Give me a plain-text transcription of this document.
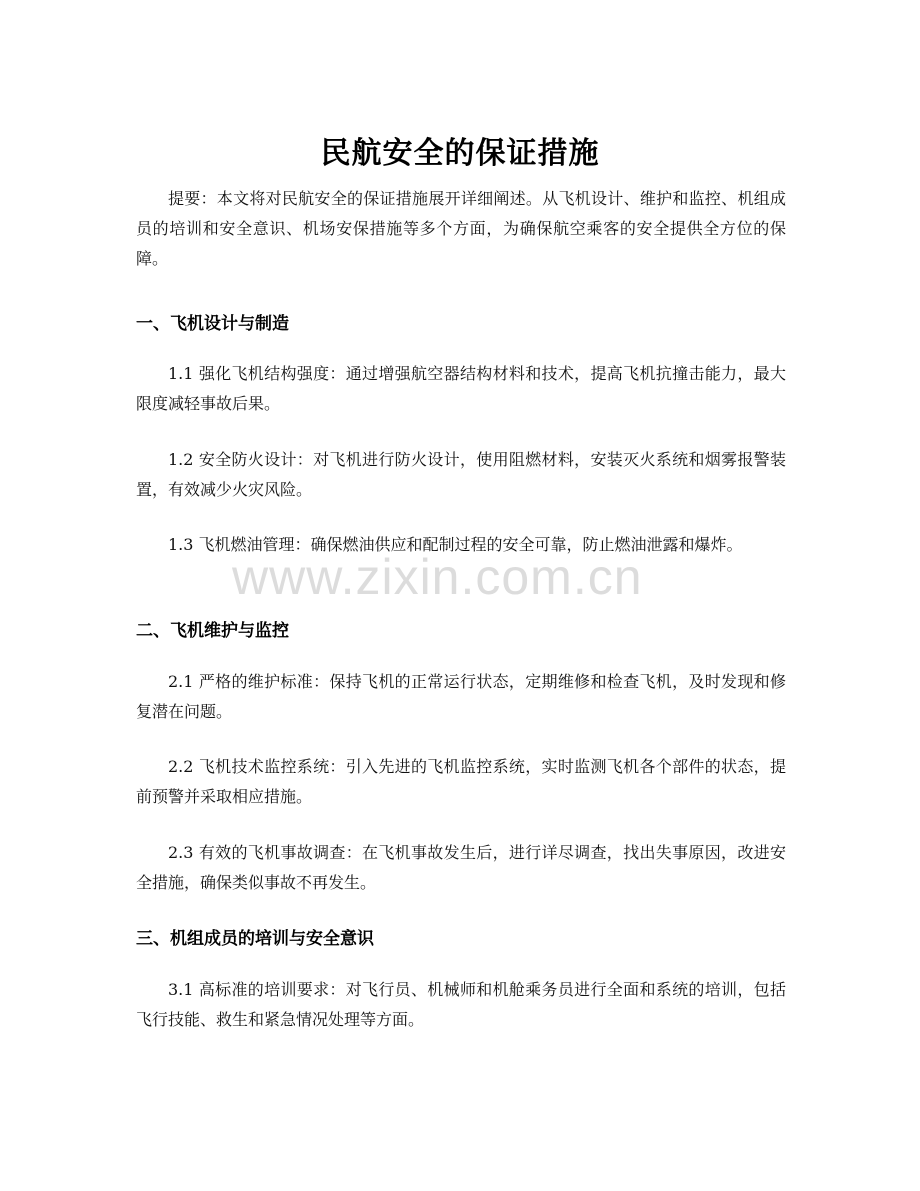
民航安全的保证措施

提要：本文将对民航安全的保证措施展开详细阐述。从飞机设计、维护和监控、机组成员的培训和安全意识、机场安保措施等多个方面，为确保航空乘客的安全提供全方位的保障。

一、飞机设计与制造

1.1 强化飞机结构强度：通过增强航空器结构材料和技术，提高飞机抗撞击能力，最大限度减轻事故后果。

1.2 安全防火设计：对飞机进行防火设计，使用阻燃材料，安装灭火系统和烟雾报警装置，有效减少火灾风险。

1.3 飞机燃油管理：确保燃油供应和配制过程的安全可靠，防止燃油泄露和爆炸。

二、飞机维护与监控

2.1 严格的维护标准：保持飞机的正常运行状态，定期维修和检查飞机，及时发现和修复潜在问题。

2.2 飞机技术监控系统：引入先进的飞机监控系统，实时监测飞机各个部件的状态，提前预警并采取相应措施。

2.3 有效的飞机事故调查：在飞机事故发生后，进行详尽调查，找出失事原因，改进安全措施，确保类似事故不再发生。

三、机组成员的培训与安全意识

3.1 高标准的培训要求：对飞行员、机械师和机舱乘务员进行全面和系统的培训，包括飞行技能、救生和紧急情况处理等方面。

www.zixin.com.cn
